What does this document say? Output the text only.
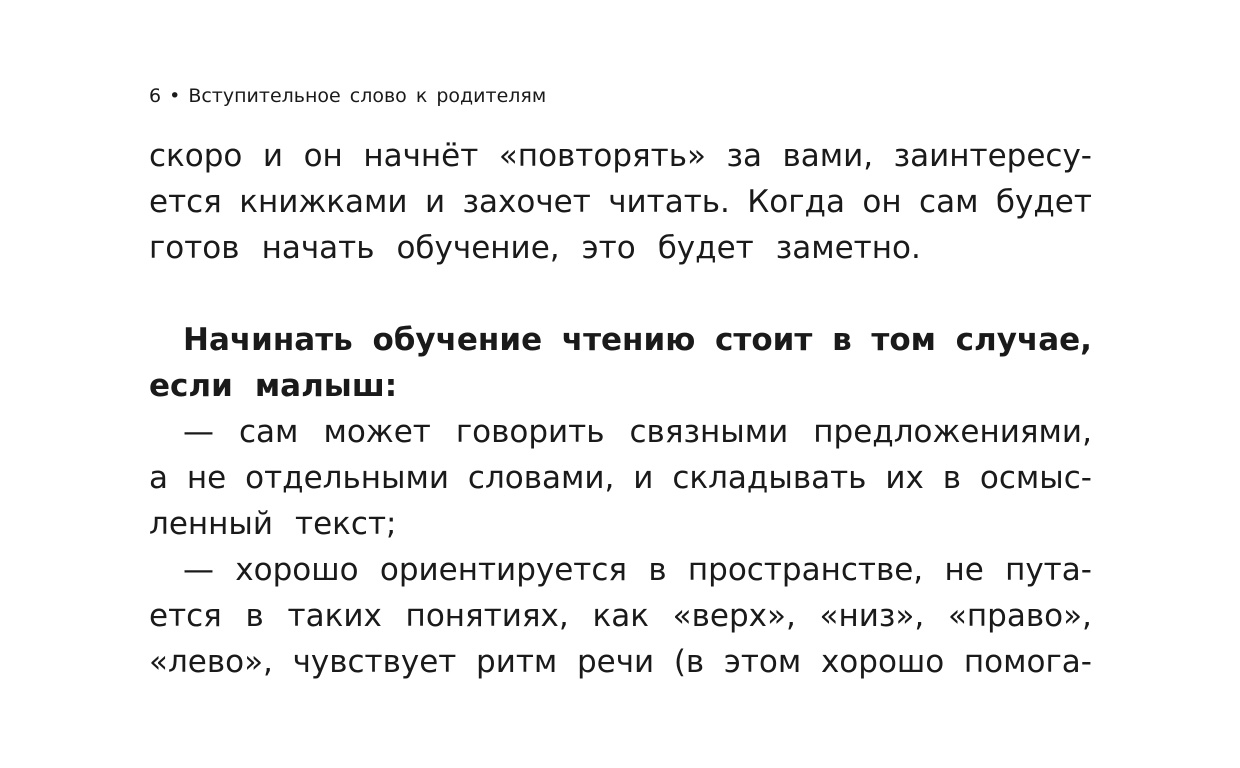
6 • Вступительное слово к родителям
скоро и он начнёт «повторять» за вами, заинтересу-
ется книжками и захочет читать. Когда он сам будет
готов начать обучение, это будет заметно.
Начинать обучение чтению стоит в том случае,
если малыш:
— сам может говорить связными предложениями,
а не отдельными словами, и складывать их в осмыс-
ленный текст;
— хорошо ориентируется в пространстве, не пута-
ется в таких понятиях, как «верх», «низ», «право»,
«лево», чувствует ритм речи (в этом хорошо помога-
